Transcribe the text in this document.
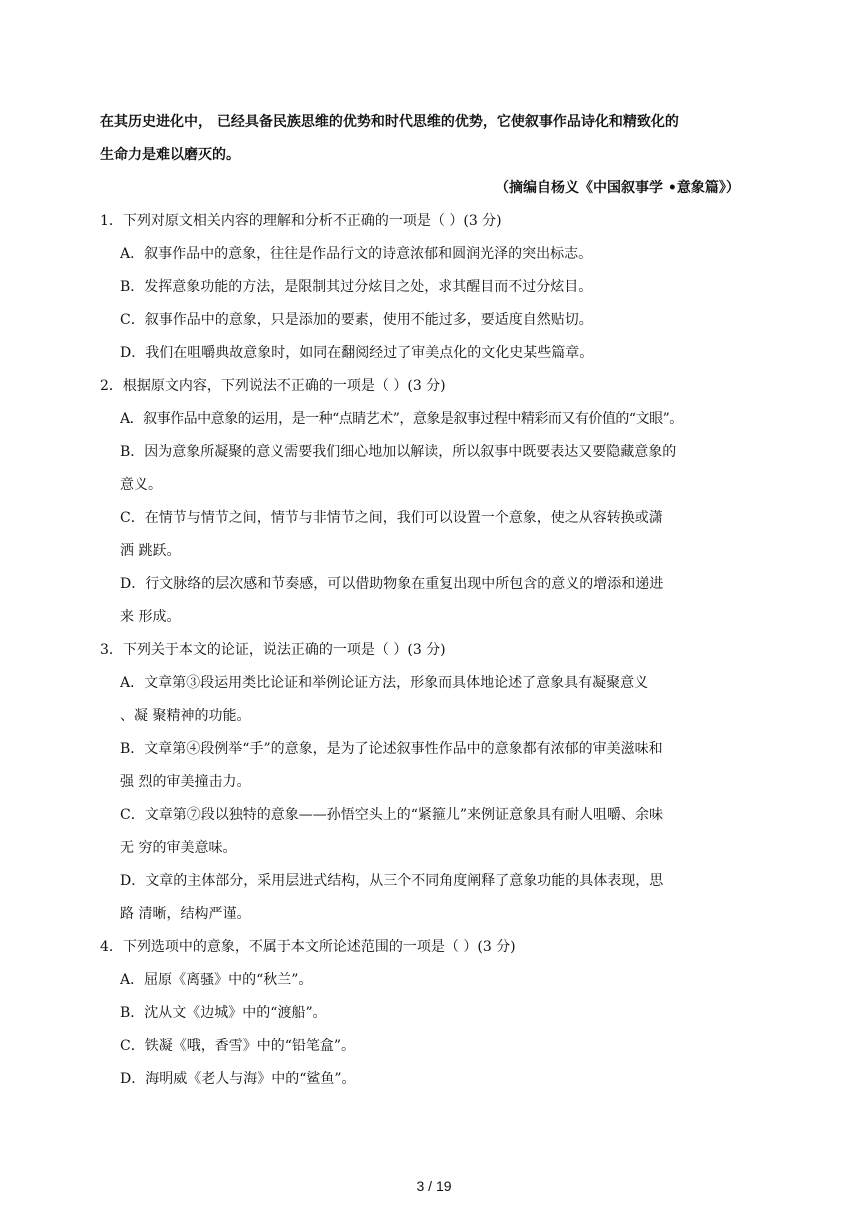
在其历史进化中， 已经具备民族思维的优势和时代思维的优势，它使叙事作品诗化和精致化的
生命力是难以磨灭的。
（摘编自杨义《中国叙事学 •意象篇》）
1．下列对原文相关内容的理解和分析不正确的一项是（ ）(3 分)
A．叙事作品中的意象，往往是作品行文的诗意浓郁和圆润光泽的突出标志。
B．发挥意象功能的方法，是限制其过分炫目之处，求其醒目而不过分炫目。
C．叙事作品中的意象，只是添加的要素，使用不能过多，要适度自然贴切。
D．我们在咀嚼典故意象时，如同在翻阅经过了审美点化的文化史某些篇章。
2．根据原文内容，下列说法不正确的一项是（ ）(3 分)
A．叙事作品中意象的运用，是一种“点睛艺术”，意象是叙事过程中精彩而又有价值的“文眼”。
B．因为意象所凝聚的意义需要我们细心地加以解读，所以叙事中既要表达又要隐藏意象的
意义。
C．在情节与情节之间，情节与非情节之间，我们可以设置一个意象，使之从容转换或潇
洒 跳跃。
D．行文脉络的层次感和节奏感，可以借助物象在重复出现中所包含的意义的增添和递进
来 形成。
3．下列关于本文的论证，说法正确的一项是（ ）(3 分)
A．文章第③段运用类比论证和举例论证方法，形象而具体地论述了意象具有凝聚意义
、凝 聚精神的功能。
B．文章第④段例举“手”的意象，是为了论述叙事性作品中的意象都有浓郁的审美滋味和
强 烈的审美撞击力。
C．文章第⑦段以独特的意象——孙悟空头上的“紧箍儿”来例证意象具有耐人咀嚼、余味
无 穷的审美意味。
D．文章的主体部分，采用层进式结构，从三个不同角度阐释了意象功能的具体表现，思
路 清晰，结构严谨。
4．下列选项中的意象，不属于本文所论述范围的一项是（ ）(3 分)
A．屈原《离骚》中的“秋兰”。
B．沈从文《边城》中的“渡船”。
C．铁凝《哦，香雪》中的“铅笔盒”。
D．海明威《老人与海》中的“鲨鱼”。
3 / 19
